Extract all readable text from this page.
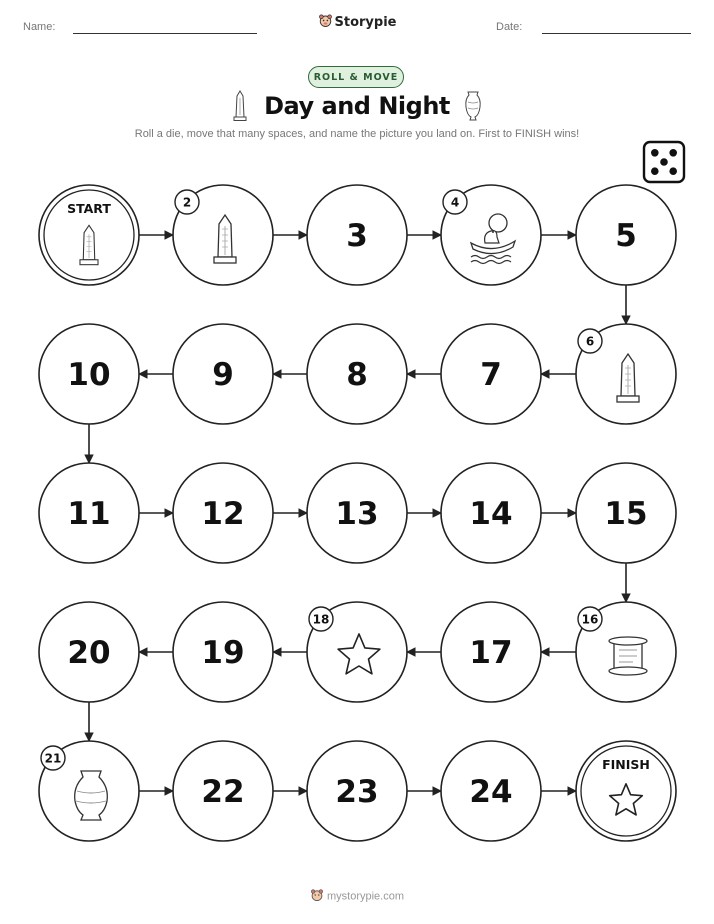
Name:	Storypie	Date:
ROLL & MOVE
Day and Night
Roll a die, move that many spaces, and name the picture you land on. First to FINISH wins!
START	2
3
4
5
6
7
8
9
10
11	12	13	14	15
16
17
18
19
20
21
22	23	24
FINISH
mystorypie.com
